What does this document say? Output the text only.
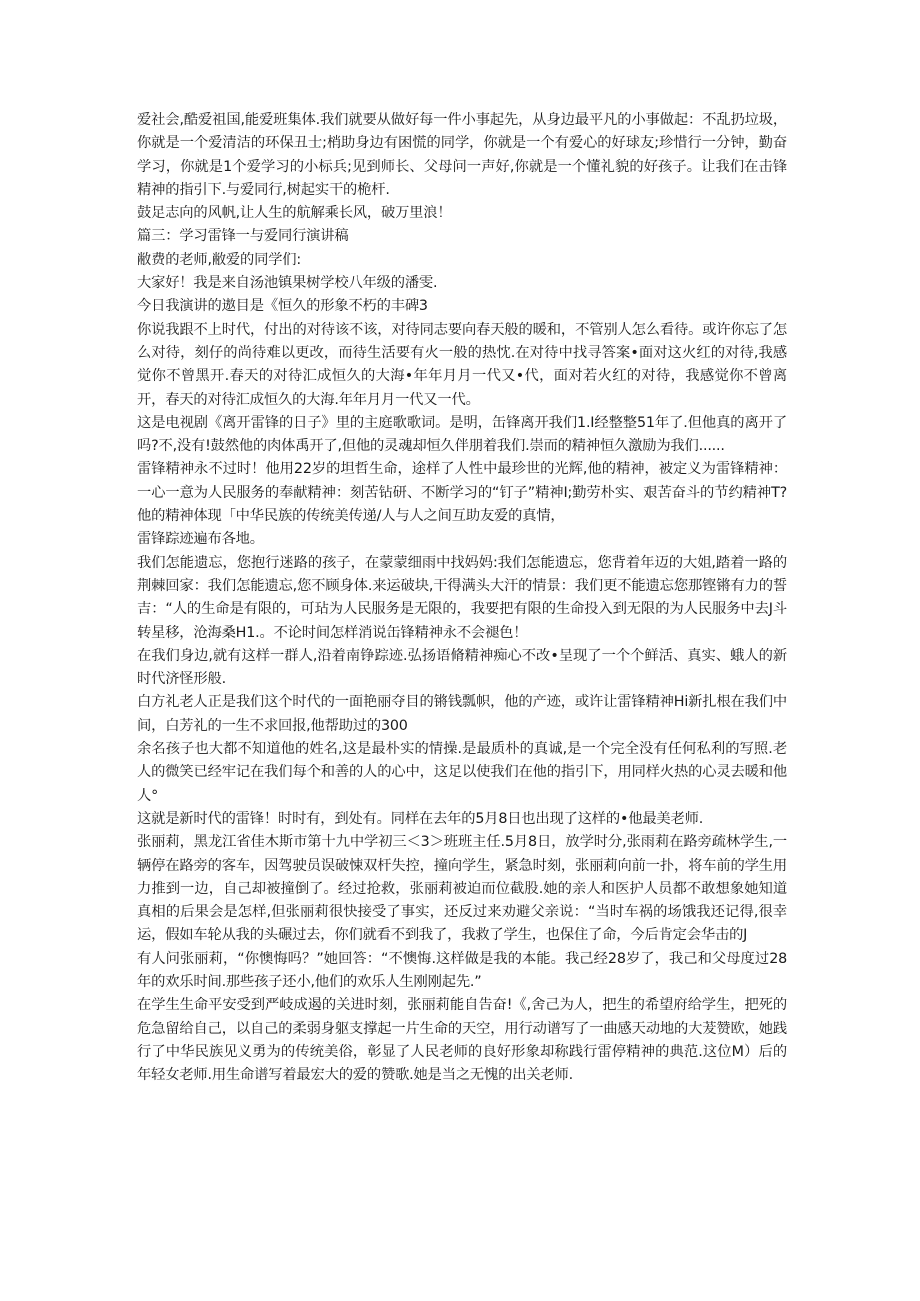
爱社会,酷爱祖国,能爱班集体.我们就要从做好每一件小事起先，从身边最平凡的小事做起：不乱扔垃圾，你就是一个爱清洁的环保丑士;梢助身边有困慌的同学，你就是一个有爱心的好球友;珍惜行一分钟，勤奋学习，你就是1个爱学习的小标兵;见到师长、父母问一声好,你就是一个懂礼貌的好孩子。让我们在击锋精神的指引下.与爱同行,树起实干的桅杆.

鼓足志向的风帆,让人生的航解乘长风，破万里浪！

篇三：学习雷锋一与爱同行演讲稿

敝费的老师,敝爱的同学们:

大家好！我是来自汤池镇果树学校八年级的潘雯.

今日我演讲的遨目是《恒久的形象不朽的丰碑3

你说我跟不上时代，付出的对待该不该，对待同志要向春天般的暖和，不管别人怎么看待。或许你忘了怎么对待，刻仔的尚待难以更改，而待生活要有火一般的热忱.在对待中找寻答案•面对这火红的对待,我感觉你不曾黑开.春天的对待汇成恒久的大海•年年月月一代又•代，面对若火红的对待，我感觉你不曾离开，春天的对待汇成恒久的大海.年年月月一代又一代。

这是电视剧《离开雷锋的日子》里的主庭歌歌词。是明，缶锋离开我们1.I经整整51年了.但他真的离开了吗?不,没有!鼓然他的肉体禹开了,但他的灵魂却恒久伴朋着我们.崇而的精神恒久激励为我们......

雷锋精神永不过时！他用22岁的坦哲生命，途样了人性中最珍世的光辉,他的精神，被定义为雷锋精神：一心一意为人民服务的奉献精神：刻苦钻研、不断学习的“钉子”精神I;勤劳朴实、艰苦奋斗的节约精神T?他的精神体现「中华民族的传统美传递/人与人之间互助友爱的真情，

雷锋踪迹遍布各地。

我们怎能遗忘，您抱行迷路的孩子，在蒙蒙细雨中找妈妈:我们怎能遗忘，您背着年迈的大姐,踏着一路的荆棘回家：我们怎能遗忘,您不顾身体.来运破块,干得满头大汗的情景：我们更不能遗忘您那铿锵有力的誓吉：“人的生命是有限的，可玷为人民服务是无限的，我要把有限的生命投入到无限的为人民服务中去J斗转星移，沧海桑H1.。不论时间怎样消说缶锋精神永不会褪色！

在我们身边,就有这样一群人,沿着南铮踪迹.弘扬语脩精神痴心不改•呈现了一个个鲜活、真实、蛾人的新时代济怪形般.

白方礼老人正是我们这个时代的一面艳丽夺目的锵钱瓢帜，他的产迹，或许让雷锋精神Hi新扎根在我们中间，白芳礼的一生不求回报,他帮助过的300

余名孩子也大都不知道他的姓名,这是最朴实的情操.是最质朴的真诚,是一个完全没有任何私利的写照.老人的微笑已经牢记在我们每个和善的人的心中，这足以使我们在他的指引下，用同样火热的心灵去暖和他人°

这就是新时代的雷锋！时时有，到处有。同样在去年的5月8日也出现了这样的•他最美老师.

张丽莉，黑龙江省佳木斯市第十九中学初三＜3＞班班主任.5月8日，放学时分,张雨莉在路旁疏林学生,一辆停在路旁的客车，因驾驶员误破悚双杆失控，撞向学生，紧急时刻，张丽莉向前一扑，将车前的学生用力推到一边，自己却被撞倒了。经过抢救，张丽莉被迫而位截股.她的亲人和医护人员都不敢想象她知道真相的后果会是怎样,但张丽莉很快接受了事实，还反过来劝避父亲说：“当时车祸的场饿我还记得,很幸运，假如车轮从我的头碾过去，你们就看不到我了，我救了学生，也保住了命，今后肯定会华击的J

有人问张丽莉，“你懊悔吗？”她回答：“不懊悔.这样做是我的本能。我己经28岁了，我己和父母度过28年的欢乐时间.那些孩子还小,他们的欢乐人生刚刚起先.”

在学生生命平安受到严岐成遏的关进时刻，张丽莉能自告奋!《,舍己为人，把生的希望府给学生，把死的危急留给自己，以自己的柔弱身躯支撑起一片生命的天空，用行动谱写了一曲感天动地的大茇赞欧，她践行了中华民族见义勇为的传统美俗，彰显了人民老师的良好形象却称践行雷停精神的典范.这位M）后的年轻女老师.用生命谱写着最宏大的爱的赞歌.她是当之无愧的出关老师.
